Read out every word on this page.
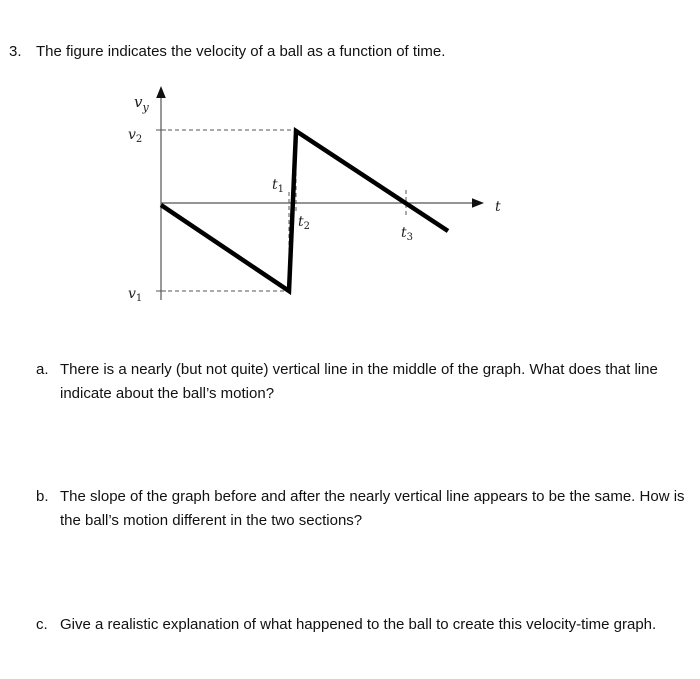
3. The figure indicates the velocity of a ball as a function of time.
$v_y$
$v_2$
$v_1$
$t_1$
$t_2$	$t_3$
t
a. There is a nearly (but not quite) vertical line in the middle of the graph. What does that line indicate about the ball’s motion?
b. The slope of the graph before and after the nearly vertical line appears to be the same. How is the ball’s motion different in the two sections?
c. Give a realistic explanation of what happened to the ball to create this velocity-time graph.
